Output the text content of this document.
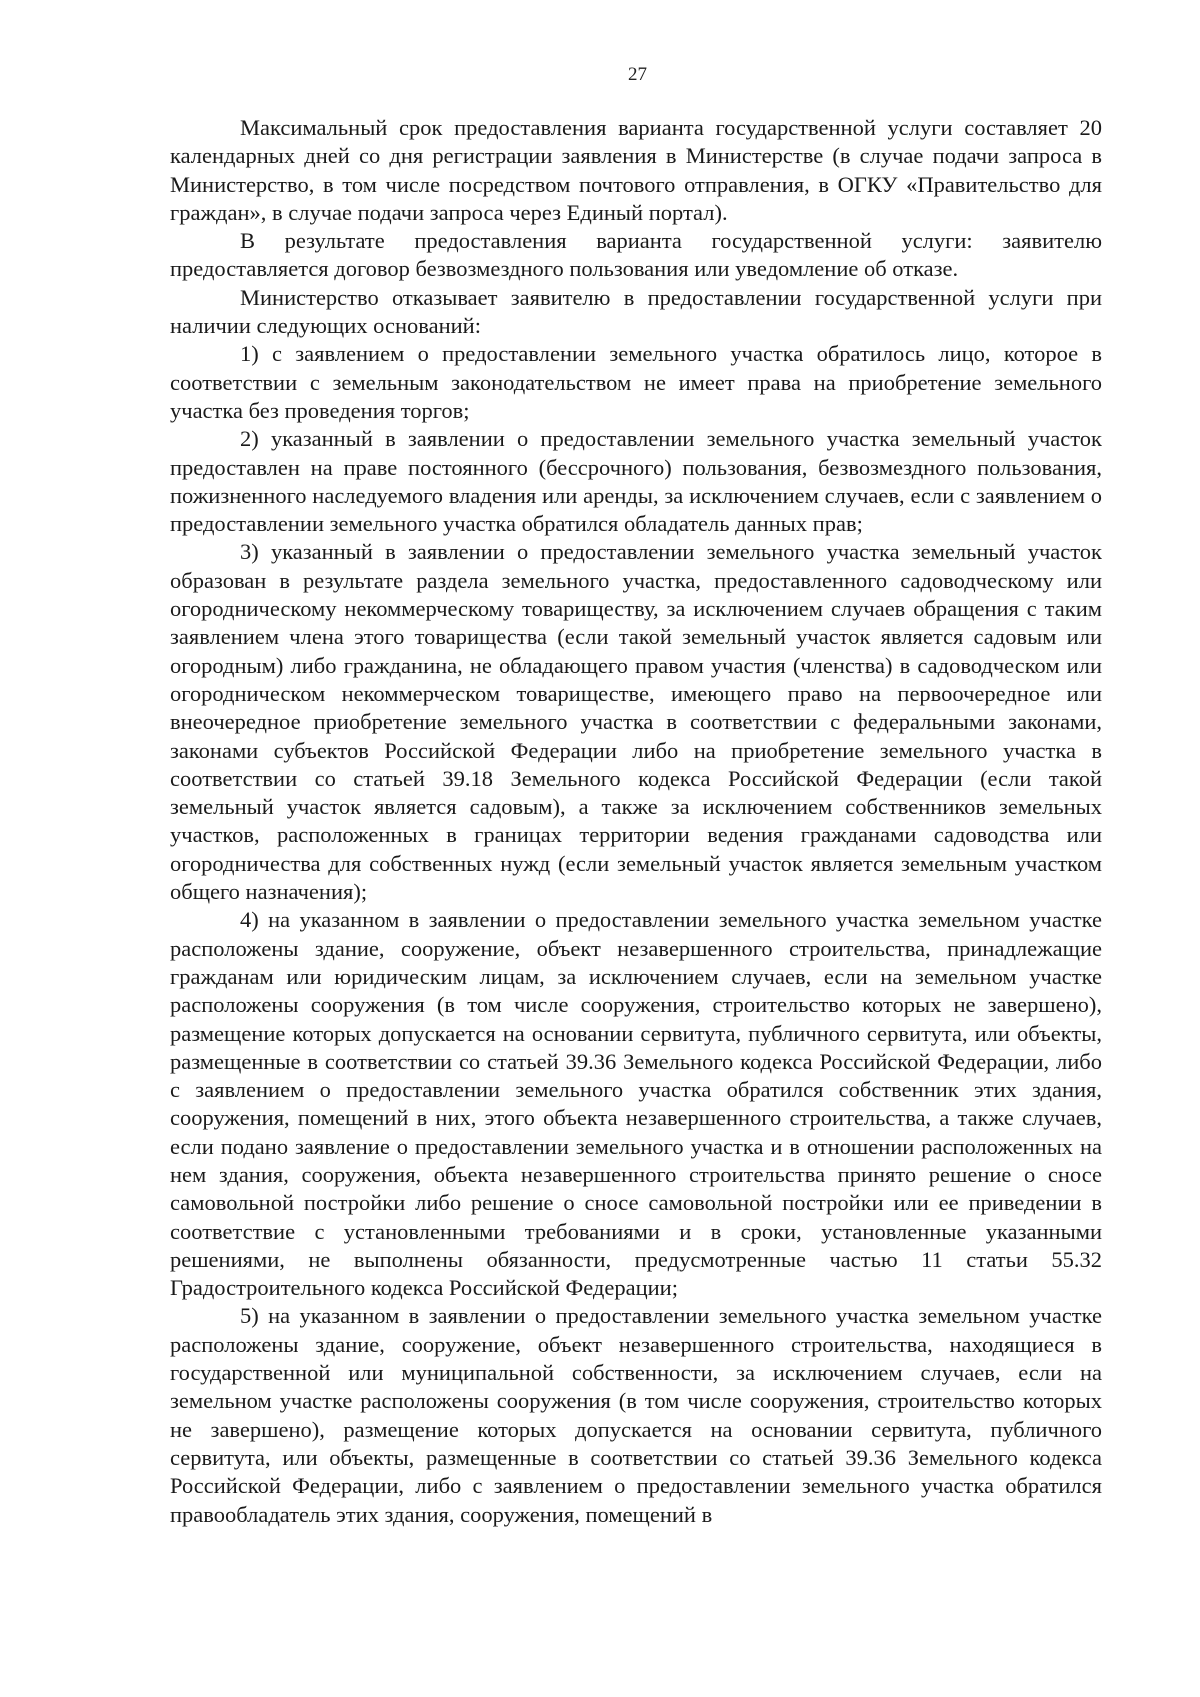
27

Максимальный срок предоставления варианта государственной услуги составляет 20 календарных дней со дня регистрации заявления в Министерстве (в случае подачи запроса в Министерство, в том числе посредством почтового отправления, в ОГКУ «Правительство для граждан», в случае подачи запроса через Единый портал).

В результате предоставления варианта государственной услуги: заявителю предоставляется договор безвозмездного пользования или уведомление об отказе.

Министерство отказывает заявителю в предоставлении государственной услуги при наличии следующих оснований:

1) с заявлением о предоставлении земельного участка обратилось лицо, которое в соответствии с земельным законодательством не имеет права на приобретение земельного участка без проведения торгов;

2) указанный в заявлении о предоставлении земельного участка земельный участок предоставлен на праве постоянного (бессрочного) пользования, безвозмездного пользования, пожизненного наследуемого владения или аренды, за исключением случаев, если с заявлением о предоставлении земельного участка обратился обладатель данных прав;

3) указанный в заявлении о предоставлении земельного участка земельный участок образован в результате раздела земельного участка, предоставленного садоводческому или огородническому некоммерческому товариществу, за исключением случаев обращения с таким заявлением члена этого товарищества (если такой земельный участок является садовым или огородным) либо гражданина, не обладающего правом участия (членства) в садоводческом или огородническом некоммерческом товариществе, имеющего право на первоочередное или внеочередное приобретение земельного участка в соответствии с федеральными законами, законами субъектов Российской Федерации либо на приобретение земельного участка в соответствии со статьей 39.18 Земельного кодекса Российской Федерации (если такой земельный участок является садовым), а также за исключением собственников земельных участков, расположенных в границах территории ведения гражданами садоводства или огородничества для собственных нужд (если земельный участок является земельным участком общего назначения);

4) на указанном в заявлении о предоставлении земельного участка земельном участке расположены здание, сооружение, объект незавершенного строительства, принадлежащие гражданам или юридическим лицам, за исключением случаев, если на земельном участке расположены сооружения (в том числе сооружения, строительство которых не завершено), размещение которых допускается на основании сервитута, публичного сервитута, или объекты, размещенные в соответствии со статьей 39.36 Земельного кодекса Российской Федерации, либо с заявлением о предоставлении земельного участка обратился собственник этих здания, сооружения, помещений в них, этого объекта незавершенного строительства, а также случаев, если подано заявление о предоставлении земельного участка и в отношении расположенных на нем здания, сооружения, объекта незавершенного строительства принято решение о сносе самовольной постройки либо решение о сносе самовольной постройки или ее приведении в соответствие с установленными требованиями и в сроки, установленные указанными решениями, не выполнены обязанности, предусмотренные частью 11 статьи 55.32 Градостроительного кодекса Российской Федерации;

5) на указанном в заявлении о предоставлении земельного участка земельном участке расположены здание, сооружение, объект незавершенного строительства, находящиеся в государственной или муниципальной собственности, за исключением случаев, если на земельном участке расположены сооружения (в том числе сооружения, строительство которых не завершено), размещение которых допускается на основании сервитута, публичного сервитута, или объекты, размещенные в соответствии со статьей 39.36 Земельного кодекса Российской Федерации, либо с заявлением о предоставлении земельного участка обратился правообладатель этих здания, сооружения, помещений в
